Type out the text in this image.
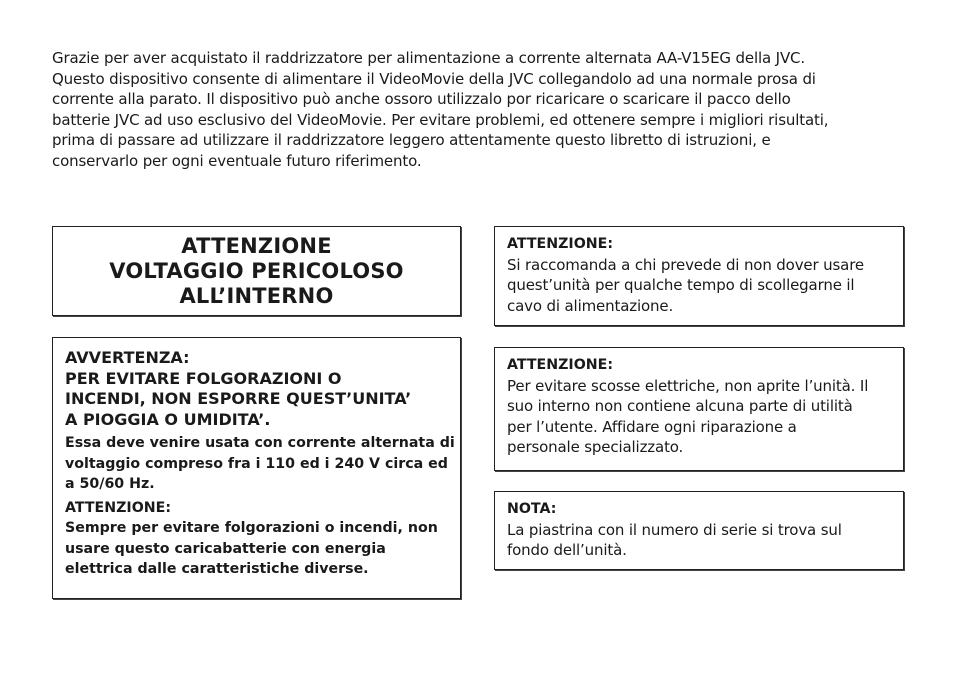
Grazie per aver acquistato il raddrizzatore per alimentazione a corrente alternata AA-V15EG della JVC.

Questo dispositivo consente di alimentare il VideoMovie della JVC collegandolo ad una normale prosa di

corrente alla parato. Il dispositivo può anche ossoro utilizzalo por ricaricare o scaricare il pacco dello

batterie JVC ad uso esclusivo del VideoMovie. Per evitare problemi, ed ottenere sempre i migliori risultati,

prima di passare ad utilizzare il raddrizzatore leggero attentamente questo libretto di istruzioni, e

conservarlo per ogni eventuale futuro riferimento.

ATTENZIONE
VOLTAGGIO PERICOLOSO
ALL’INTERNO
AVVERTENZA:
PER EVITARE FOLGORAZIONI O
INCENDI, NON ESPORRE QUEST’UNITA’
A PIOGGIA O UMIDITA’.
Essa deve venire usata con corrente alternata di
voltaggio compreso fra i 110 ed i 240 V circa ed
a 50/60 Hz.
ATTENZIONE:
Sempre per evitare folgorazioni o incendi, non
usare questo caricabatterie con energia
elettrica dalle caratteristiche diverse.
ATTENZIONE:
Si raccomanda a chi prevede di non dover usare
quest’unità per qualche tempo di scollegarne il
cavo di alimentazione.
ATTENZIONE:
Per evitare scosse elettriche, non aprite l’unità. Il
suo interno non contiene alcuna parte di utilità
per l’utente. Affidare ogni riparazione a
personale specializzato.
NOTA:
La piastrina con il numero di serie si trova sul
fondo dell’unità.
